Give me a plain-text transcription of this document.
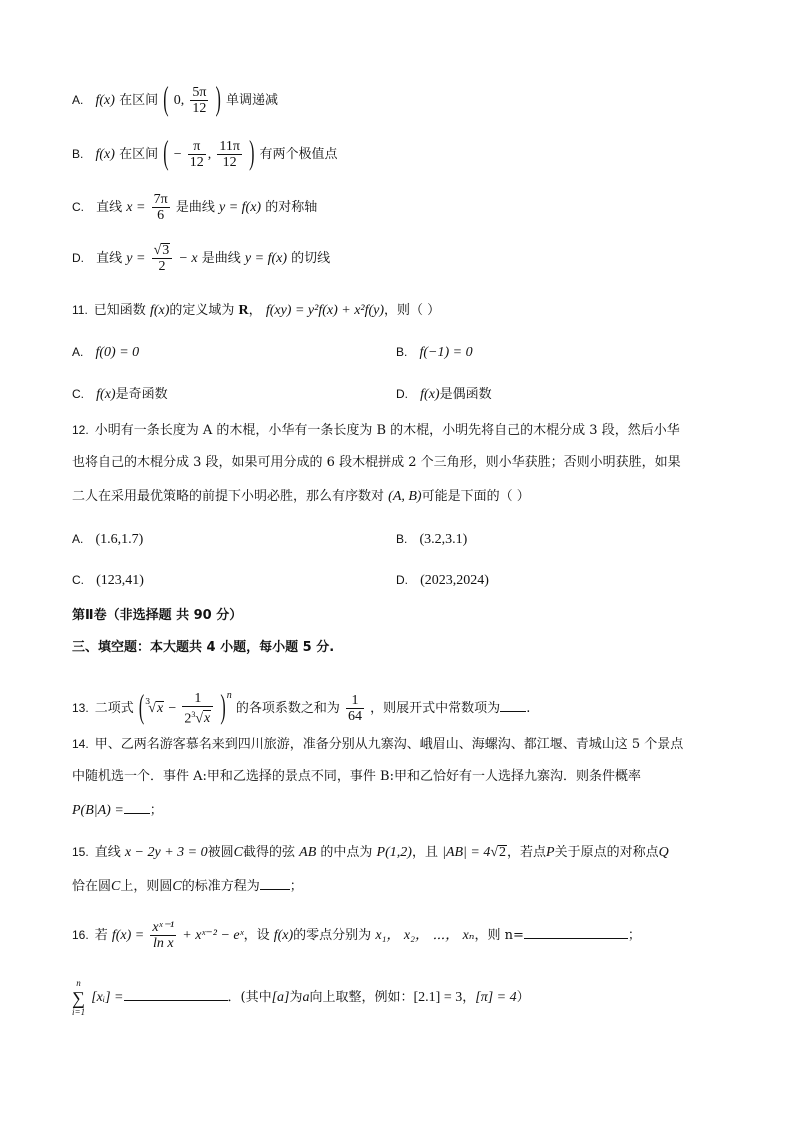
A. f(x) 在区间 ( 0, $\frac{5\pi}{12}$ ) 单调递减
B. f(x) 在区间 ( − $\frac{\pi}{12}$ , $\frac{11\pi}{12}$ ) 有两个极值点
C. 直线 $x = \frac{7\pi}{6}$ 是曲线 y = f(x) 的对称轴
D. 直线 $y = \frac{√3}{2} - x$ 是曲线 y = f(x) 的切线
11. 已知函数 f(x)的定义域为 R， f(xy) = y²f(x) + x²f(y)，则（ ）
A. f(0) = 0	B. f(−1) = 0
C. f(x)是奇函数	D. f(x)是偶函数
12. 小明有一条长度为 A 的木棍，小华有一条长度为 B 的木棍，小明先将自己的木棍分成 3 段，然后小华
也将自己的木棍分成 3 段，如果可用分成的 6 段木棍拼成 2 个三角形，则小华获胜；否则小明获胜，如果
二人在采用最优策略的前提下小明必胜，那么有序数对 (A, B)可能是下面的（ ）
A. (1.6,1.7)	B. (3.2,3.1)
C. (123,41)	D. (2023,2024)
第Ⅱ卷（非选择题 共 90 分）
三、填空题：本大题共 4 小题，每小题 5 分.
13. 二项式 $(^3√x - \frac{1}{2^3√x} )^n$ 的各项系数之和为 $\frac{1}{64}$ ，则展开式中常数项为 .
14. 甲、乙两名游客慕名来到四川旅游，准备分别从九寨沟、峨眉山、海螺沟、都江堰、青城山这 5 个景点
中随机选一个．事件 A:甲和乙选择的景点不同，事件 B:甲和乙恰好有一人选择九寨沟．则条件概率
P(B|A) = ；
15. 直线 x − 2y + 3 = 0被圆C截得的弦 AB 的中点为 P(1,2)，且 |AB| = 4√2，若点P关于原点的对称点Q
恰在圆C上，则圆C的标准方程为 ；
16. 若 $f(x) = \frac{\text{xˣ⁻¹}}{\text{ln x}}$ + xˣ⁻² − eˣ，设 f(x)的零点分别为 x₁， x₂， ⋯， xₙ，则 n=	；
n
∑
i=1
[xᵢ] =	．(其中[a]为a向上取整，例如：[2.1] = 3，[π] = 4）
